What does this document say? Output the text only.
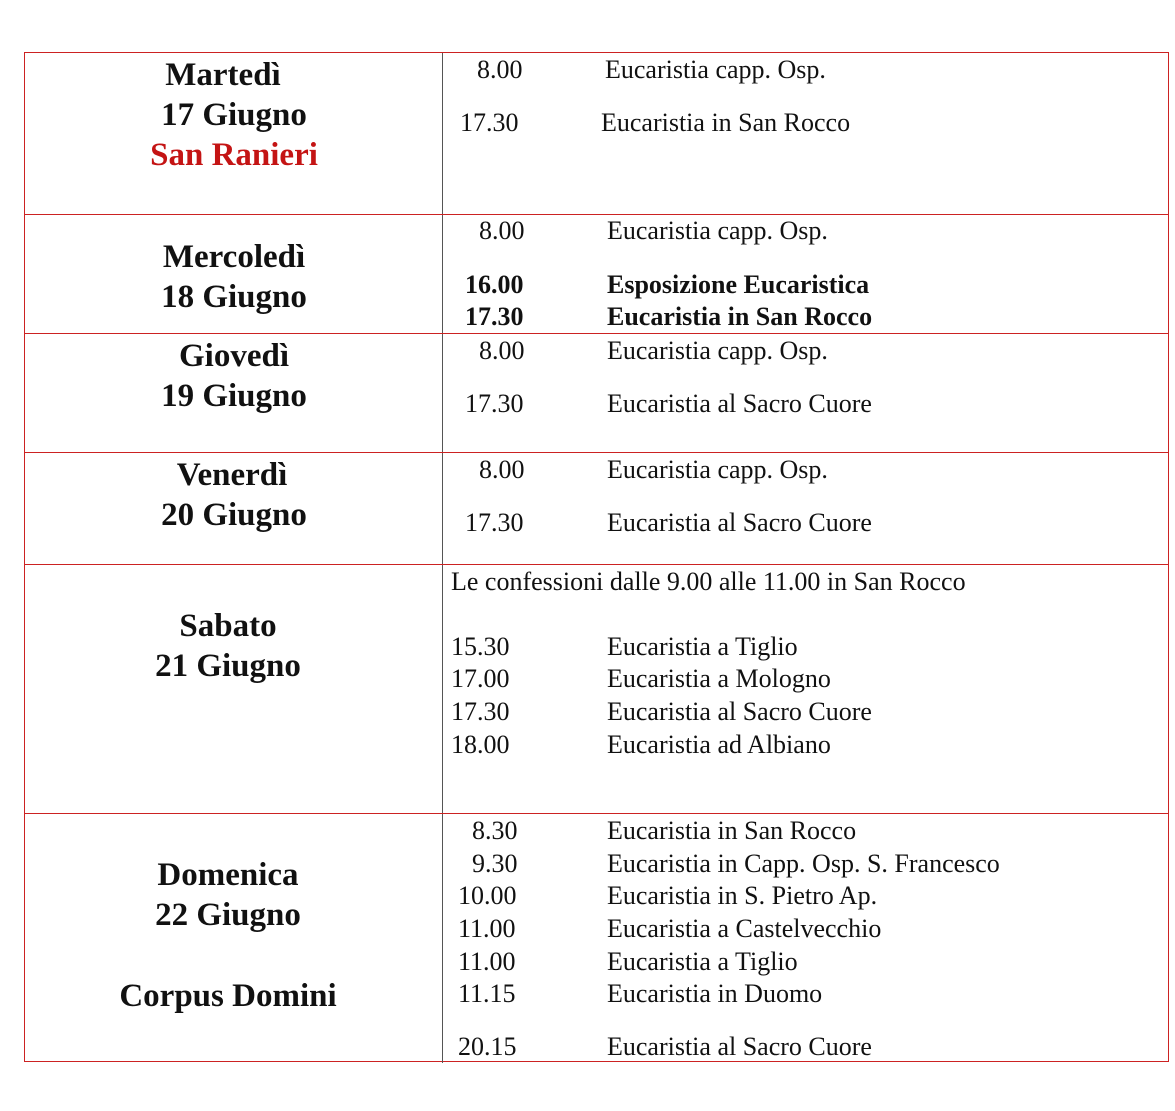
Martedì
17 Giugno
San Ranieri
8.00	Eucaristia capp. Osp.
17.30	Eucaristia in San Rocco
Mercoledì
18 Giugno
8.00	Eucaristia capp. Osp.
16.00	Esposizione Eucaristica
17.30	Eucaristia in San Rocco
Giovedì
19 Giugno
8.00	Eucaristia capp. Osp.
17.30	Eucaristia al Sacro Cuore
Venerdì
20 Giugno
8.00	Eucaristia capp. Osp.
17.30	Eucaristia al Sacro Cuore
Sabato
21 Giugno
Le confessioni dalle 9.00 alle 11.00 in San Rocco
15.30	Eucaristia a Tiglio
17.00	Eucaristia a Mologno
17.30	Eucaristia al Sacro Cuore
18.00	Eucaristia ad Albiano
Domenica
22 Giugno
Corpus Domini
8.30	Eucaristia in San Rocco
9.30	Eucaristia in Capp. Osp. S. Francesco
10.00	Eucaristia in S. Pietro Ap.
11.00	Eucaristia a Castelvecchio
11.00	Eucaristia a Tiglio
11.15	Eucaristia in Duomo
20.15	Eucaristia al Sacro Cuore
